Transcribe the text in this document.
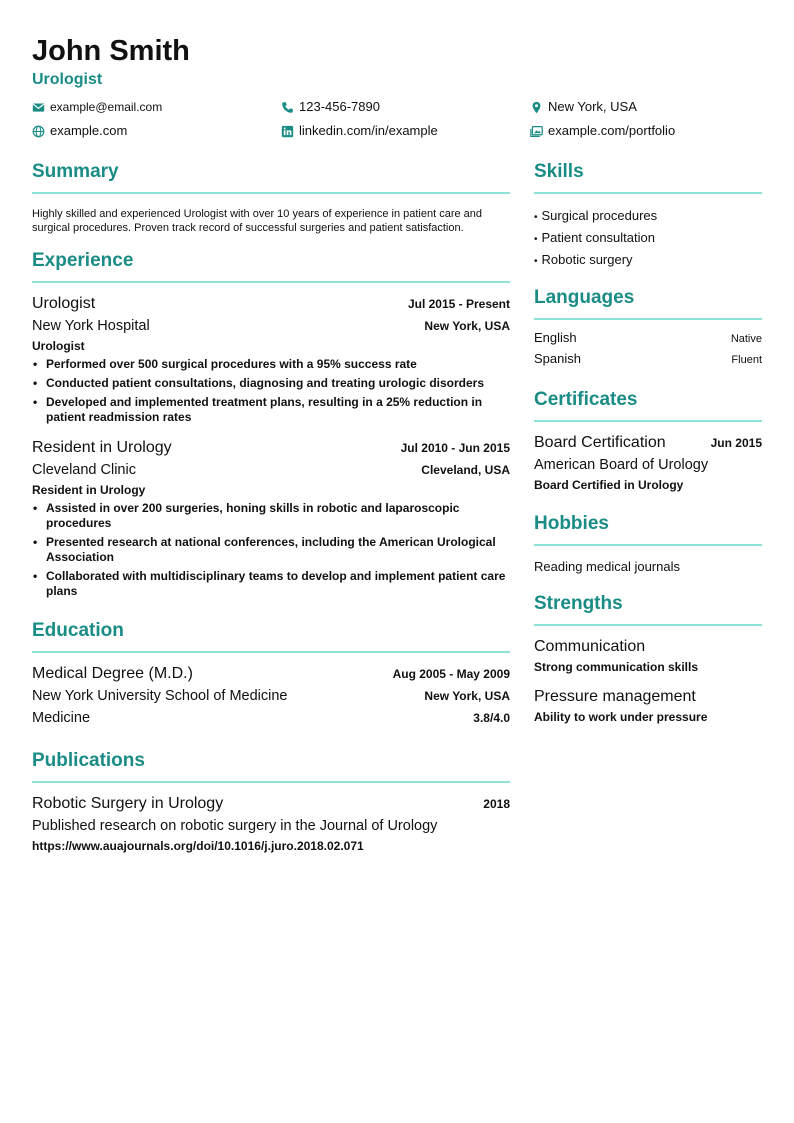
John Smith
Urologist
example@email.com	123-456-7890	New York, USA
example.com	linkedin.com/in/example	example.com/portfolio
Summary
Highly skilled and experienced Urologist with over 10 years of experience in patient care and surgical procedures. Proven track record of successful surgeries and patient satisfaction.
Experience
Urologist	Jul 2015 - Present
New York Hospital	New York, USA
Urologist
• Performed over 500 surgical procedures with a 95% success rate
• Conducted patient consultations, diagnosing and treating urologic disorders
• Developed and implemented treatment plans, resulting in a 25% reduction in patient readmission rates
Resident in Urology	Jul 2010 - Jun 2015
Cleveland Clinic	Cleveland, USA
Resident in Urology
• Assisted in over 200 surgeries, honing skills in robotic and laparoscopic procedures
• Presented research at national conferences, including the American Urological Association
• Collaborated with multidisciplinary teams to develop and implement patient care plans
Education
Medical Degree (M.D.)	Aug 2005 - May 2009
New York University School of Medicine	New York, USA
Medicine	3.8/4.0
Publications
Robotic Surgery in Urology	2018
Published research on robotic surgery in the Journal of Urology
https://www.auajournals.org/doi/10.1016/j.juro.2018.02.071
Skills
• Surgical procedures
• Patient consultation
• Robotic surgery
Languages
English	Native
Spanish	Fluent
Certificates
Board Certification	Jun 2015
American Board of Urology
Board Certified in Urology
Hobbies
Reading medical journals
Strengths
Communication
Strong communication skills
Pressure management
Ability to work under pressure
